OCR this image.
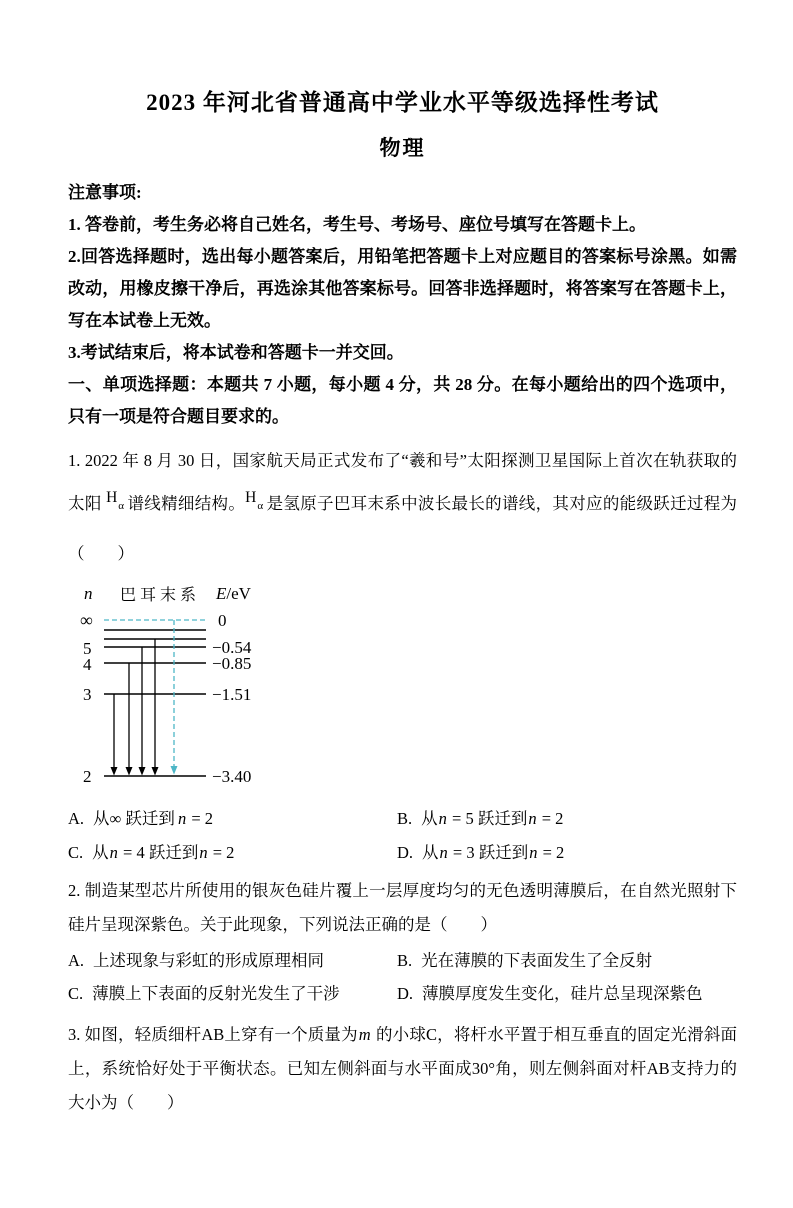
2023 年河北省普通高中学业水平等级选择性考试
物理

注意事项:

1. 答卷前，考生务必将自己姓名，考生号、考场号、座位号填写在答题卡上。

2.回答选择题时，选出每小题答案后，用铅笔把答题卡上对应题目的答案标号涂黑。如需改动，用橡皮擦干净后，再选涂其他答案标号。回答非选择题时，将答案写在答题卡上，写在本试卷上无效。

3.考试结束后，将本试卷和答题卡一并交回。

一、单项选择题：本题共 7 小题，每小题 4 分，共 28 分。在每小题给出的四个选项中，只有一项是符合题目要求的。

1. 2022 年 8 月 30 日，国家航天局正式发布了“羲和号”太阳探测卫星国际上首次在轨获取的太阳 $H_\alpha$ 谱线精细结构。$H_\alpha$ 是氢原子巴耳末系中波长最长的谱线，其对应的能级跃迁过程为（　　）

n 巴耳末系 E/eV
∞
5
4
3
2
0
−0.54
−0.85
−1.51
−3.40
A. 从∞ 跃迁到 n = 2	B. 从n = 5 跃迁到n = 2
C. 从n = 4 跃迁到n = 2	D. 从n = 3 跃迁到n = 2

2. 制造某型芯片所使用的银灰色硅片覆上一层厚度均匀的无色透明薄膜后，在自然光照射下硅片呈现深紫色。关于此现象，下列说法正确的是（　　）

A. 上述现象与彩虹的形成原理相同	B. 光在薄膜的下表面发生了全反射
C. 薄膜上下表面的反射光发生了干涉	D. 薄膜厚度发生变化，硅片总呈现深紫色

3. 如图，轻质细杆AB上穿有一个质量为m 的小球C，将杆水平置于相互垂直的固定光滑斜面上，系统恰好处于平衡状态。已知左侧斜面与水平面成30°角，则左侧斜面对杆AB支持力的大小为（　　）
